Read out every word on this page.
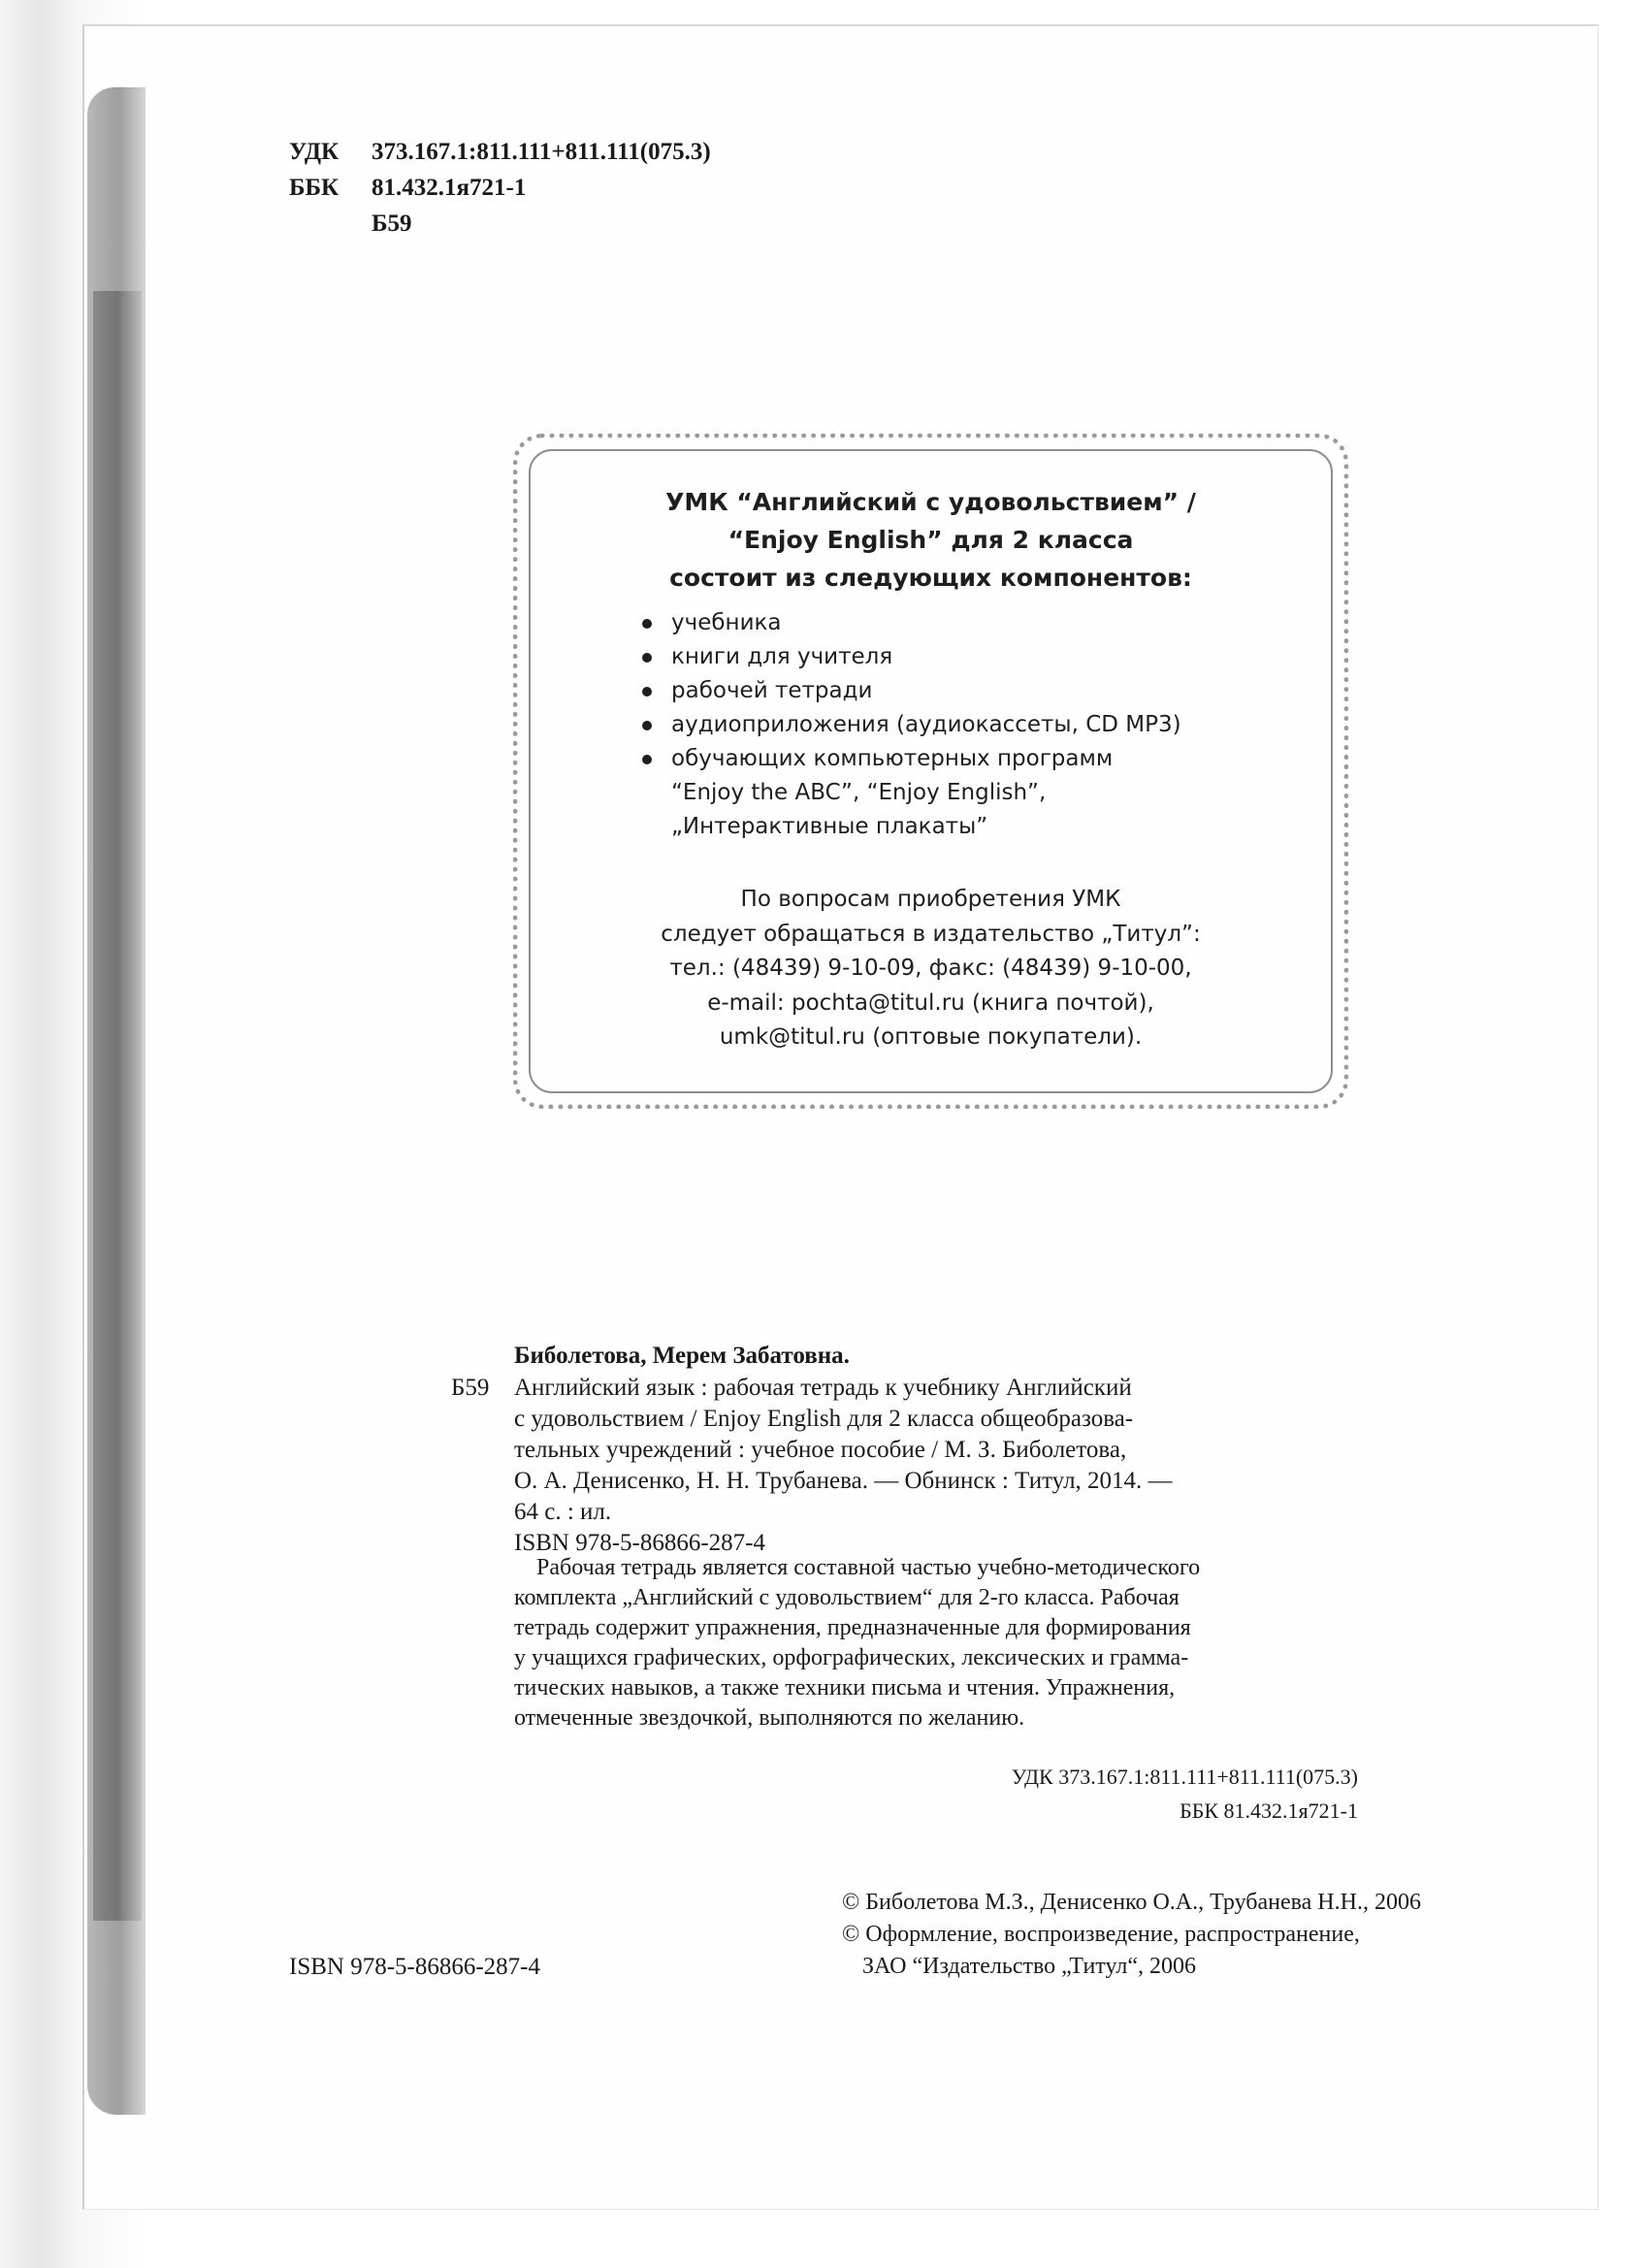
УДК 373.167.1:811.111+811.111(075.3)
ББК 81.432.1я721-1
Б59
УМК “Английский с удовольствием” /
“Enjoy English” для 2 класса
состоит из следующих компонентов:
учебника
книги для учителя
рабочей тетради
аудиоприложения (аудиокассеты, CD MP3)
обучающих компьютерных программ
“Enjoy the ABC”, “Enjoy English”,
„Интерактивные плакаты”
По вопросам приобретения УМК
следует обращаться в издательство „Титул”:
тел.: (48439) 9-10-09, факс: (48439) 9-10-00,
e-mail: pochta@titul.ru (книга почтой),
umk@titul.ru (оптовые покупатели).
Биболетова, Мерем Забатовна.
Б59 Английский язык : рабочая тетрадь к учебнику Английский
с удовольствием / Enjoy English для 2 класса общеобразова-
тельных учреждений : учебное пособие / М. З. Биболетова,
О. А. Денисенко, Н. Н. Трубанева. — Обнинск : Титул, 2014. —
64 с. : ил.
ISBN 978-5-86866-287-4
Рабочая тетрадь является составной частью учебно-методического
комплекта „Английский с удовольствием“ для 2-го класса. Рабочая
тетрадь содержит упражнения, предназначенные для формирования
у учащихся графических, орфографических, лексических и грамма-
тических навыков, а также техники письма и чтения. Упражнения,
отмеченные звездочкой, выполняются по желанию.
УДК 373.167.1:811.111+811.111(075.3)
ББК 81.432.1я721-1
© Биболетова М.З., Денисенко О.А., Трубанева Н.Н., 2006
© Оформление, воспроизведение, распространение,
ЗАО “Издательство „Титул“, 2006
ISBN 978-5-86866-287-4
